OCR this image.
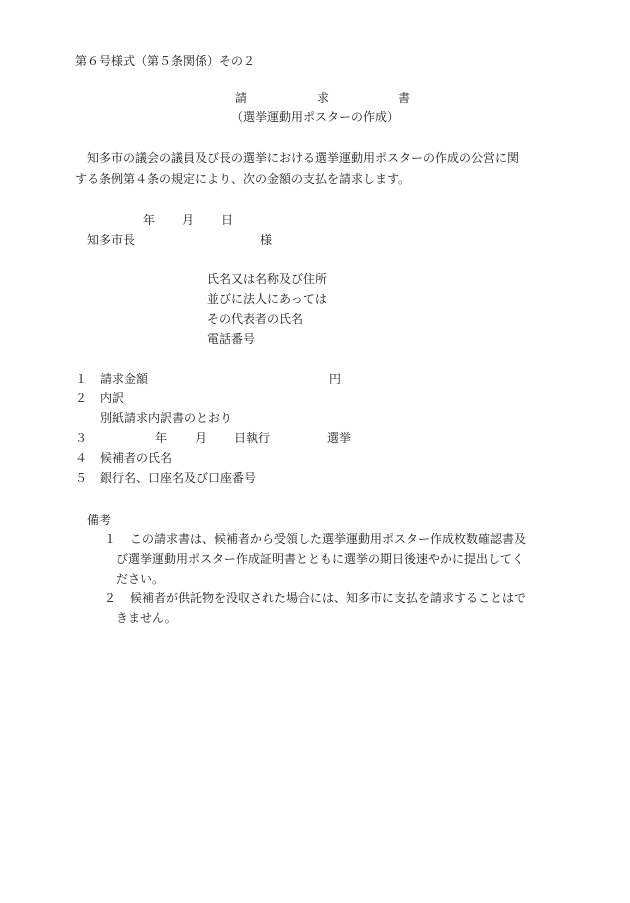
第６号様式（第５条関係）その２
請	求	書
（選挙運動用ポスターの作成）
知多市の議会の議員及び長の選挙における選挙運動用ポスターの作成の公営に関
する条例第４条の規定により、次の金額の支払を請求します。
年 月 日
知多市長	様
氏名又は名称及び住所
並びに法人にあっては
その代表者の氏名
電話番号
１ 請求金額	円
２ 内訳
別紙請求内訳書のとおり
３	年 月 日執行	選挙
４ 候補者の氏名
５ 銀行名、口座名及び口座番号
備考
１ この請求書は、候補者から受領した選挙運動用ポスター作成枚数確認書及
び選挙運動用ポスター作成証明書とともに選挙の期日後速やかに提出してく
ださい。
２ 候補者が供託物を没収された場合には、知多市に支払を請求することはで
きません。
